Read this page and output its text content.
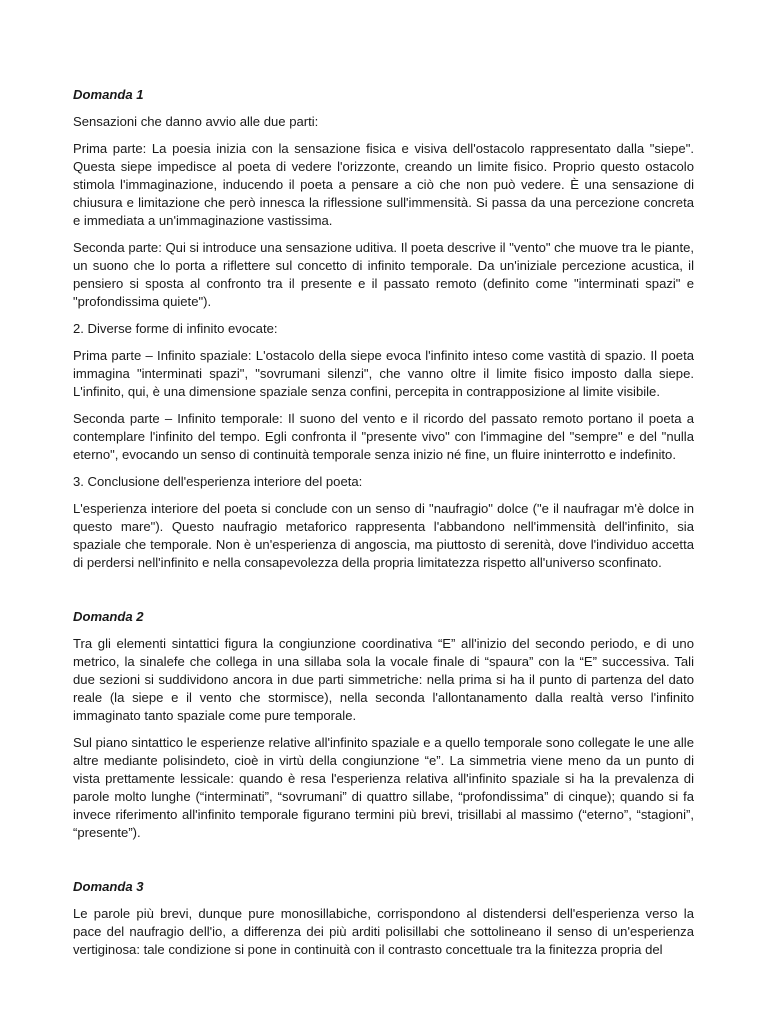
Domanda 1

Sensazioni che danno avvio alle due parti:

Prima parte: La poesia inizia con la sensazione fisica e visiva dell'ostacolo rappresentato dalla "siepe". Questa siepe impedisce al poeta di vedere l'orizzonte, creando un limite fisico. Proprio questo ostacolo stimola l'immaginazione, inducendo il poeta a pensare a ciò che non può vedere. È una sensazione di chiusura e limitazione che però innesca la riflessione sull'immensità. Si passa da una percezione concreta e immediata a un'immaginazione vastissima.

Seconda parte: Qui si introduce una sensazione uditiva. Il poeta descrive il "vento" che muove tra le piante, un suono che lo porta a riflettere sul concetto di infinito temporale. Da un'iniziale percezione acustica, il pensiero si sposta al confronto tra il presente e il passato remoto (definito come "interminati spazi" e "profondissima quiete").

2. Diverse forme di infinito evocate:

Prima parte – Infinito spaziale: L'ostacolo della siepe evoca l'infinito inteso come vastità di spazio. Il poeta immagina "interminati spazi", "sovrumani silenzi", che vanno oltre il limite fisico imposto dalla siepe. L'infinito, qui, è una dimensione spaziale senza confini, percepita in contrapposizione al limite visibile.

Seconda parte – Infinito temporale: Il suono del vento e il ricordo del passato remoto portano il poeta a contemplare l'infinito del tempo. Egli confronta il "presente vivo" con l'immagine del "sempre" e del "nulla eterno", evocando un senso di continuità temporale senza inizio né fine, un fluire ininterrotto e indefinito.

3. Conclusione dell'esperienza interiore del poeta:

L'esperienza interiore del poeta si conclude con un senso di "naufragio" dolce ("e il naufragar m'è dolce in questo mare"). Questo naufragio metaforico rappresenta l'abbandono nell'immensità dell'infinito, sia spaziale che temporale. Non è un'esperienza di angoscia, ma piuttosto di serenità, dove l'individuo accetta di perdersi nell'infinito e nella consapevolezza della propria limitatezza rispetto all'universo sconfinato.

Domanda 2

Tra gli elementi sintattici figura la congiunzione coordinativa “E” all'inizio del secondo periodo, e di uno metrico, la sinalefe che collega in una sillaba sola la vocale finale di “spaura” con la “E” successiva. Tali due sezioni si suddividono ancora in due parti simmetriche: nella prima si ha il punto di partenza del dato reale (la siepe e il vento che stormisce), nella seconda l'allontanamento dalla realtà verso l'infinito immaginato tanto spaziale come pure temporale.

Sul piano sintattico le esperienze relative all'infinito spaziale e a quello temporale sono collegate le une alle altre mediante polisindeto, cioè in virtù della congiunzione “e”. La simmetria viene meno da un punto di vista prettamente lessicale: quando è resa l'esperienza relativa all'infinito spaziale si ha la prevalenza di parole molto lunghe (“interminati”, “sovrumani” di quattro sillabe, “profondissima” di cinque); quando si fa invece riferimento all'infinito temporale figurano termini più brevi, trisillabi al massimo (“eterno”, “stagioni”, “presente”).

Domanda 3

Le parole più brevi, dunque pure monosillabiche, corrispondono al distendersi dell'esperienza verso la pace del naufragio dell'io, a differenza dei più arditi polisillabi che sottolineano il senso di un'esperienza vertiginosa: tale condizione si pone in continuità con il contrasto concettuale tra la finitezza propria del
